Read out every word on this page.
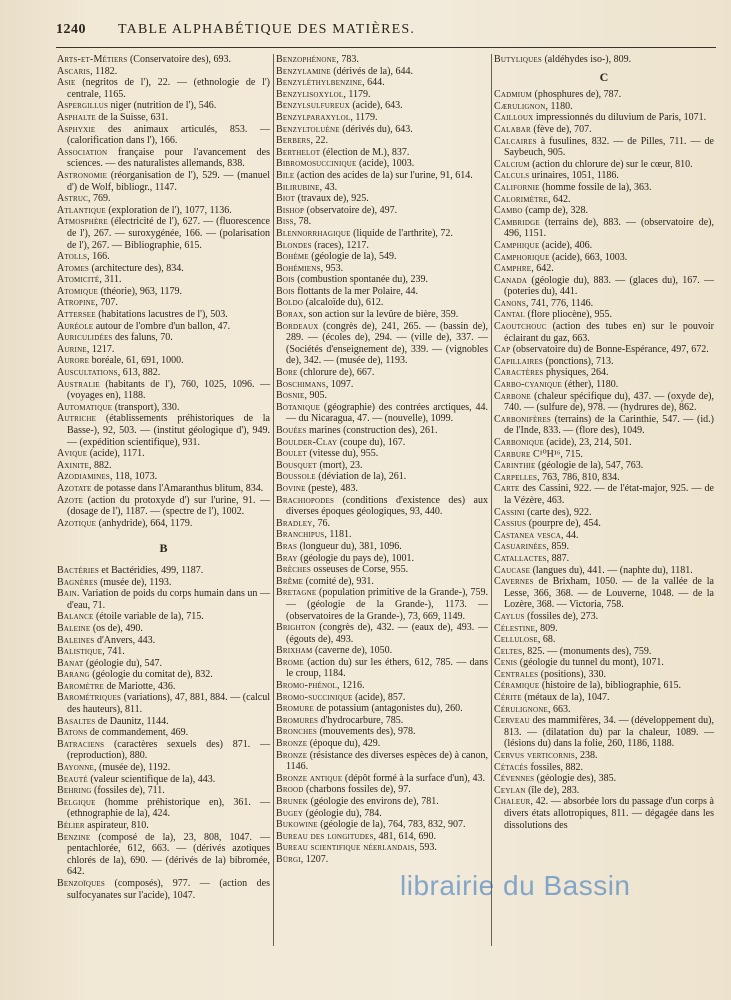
1240 TABLE ALPHABÉTIQUE DES MATIÈRES.

Arts-et-Métiers (Conservatoire des), 693.

Ascaris, 1182.

Asie (negritos de l'), 22. — (ethnologie de l') centrale, 1165.

Aspergillus niger (nutrition de l'), 546.

Asphalte de la Suisse, 631.

Asphyxie des animaux articulés, 853. — (calorification dans l'), 166.

Association française pour l'avancement des sciences. — des naturalistes allemands, 838.

Astronomie (réorganisation de l'), 529. — (manuel d') de Wolf, bibliogr., 1147.

Astruc, 769.

Atlantique (exploration de l'), 1077, 1136.

Atmosphère (électricité de l'), 627. — (fluorescence de l'), 267. — suroxygénée, 166. — (polarisation de l'), 267. — Bibliographie, 615.

Atolls, 166.

Atomes (architecture des), 834.

Atomicité, 311.

Atomique (théorie), 963, 1179.

Atropine, 707.

Attersee (habitations lacustres de l'), 503.

Auréole autour de l'ombre d'un ballon, 47.

Auriculidées des faluns, 70.

Aurine, 1217.

Aurore boréale, 61, 691, 1000.

Auscultations, 613, 882.

Australie (habitants de l'), 760, 1025, 1096. — (voyages en), 1188.

Automatique (transport), 330.

Autriche (établissements préhistoriques de la Basse-), 92, 503. — (institut géologique d'), 949. — (expédition scientifique), 931.

Avique (acide), 1171.

Axinite, 882.

Azodiamines, 118, 1073.

Azotate de potasse dans l'Amaranthus blitum, 834.

Azote (action du protoxyde d') sur l'urine, 91. — (dosage de l'), 1187. — (spectre de l'), 1002.

Azotique (anhydride), 664, 1179.

B

Bactéries et Bactéridies, 499, 1187.

Bagnères (musée de), 1193.

Bain. Variation de poids du corps humain dans un — d'eau, 71.

Balance (étoile variable de la), 715.

Baleine (os de), 490.

Baleines d'Anvers, 443.

Balistique, 741.

Banat (géologie du), 547.

Barang (géologie du comitat de), 832.

Baromètre de Mariotte, 436.

Barométriques (variations), 47, 881, 884. — (calcul des hauteurs), 811.

Basaltes de Daunitz, 1144.

Batons de commandement, 469.

Batraciens (caractères sexuels des) 871. — (reproduction), 880.

Bayonne, (musée de), 1192.

Beauté (valeur scientifique de la), 443.

Behring (fossiles de), 711.

Belgique (homme préhistorique en), 361. — (ethnographie de la), 424.

Bélier aspirateur, 810.

Benzine (composé de la), 23, 808, 1047. — pentachlorée, 612, 663. — (dérivés azotiques chlorés de la), 690. — (dérivés de la) bibromée, 642.

Benzoïques (composés), 977. — (action des sulfocyanates sur l'acide), 1047.

Benzophénone, 783.

Benzylamine (dérivés de la), 644.

Benzyléthylbenzine, 644.

Benzylisoxylol, 1179.

Benzylsulfureux (acide), 643.

Benzylparaxylol, 1179.

Benzyltoluène (dérivés du), 643.

Berbers, 22.

Berthelot (élection de M.), 837.

Bibromosuccinique (acide), 1003.

Bile (action des acides de la) sur l'urine, 91, 614.

Bilirubine, 43.

Biot (travaux de), 925.

Bishop (observatoire de), 497.

Biss, 78.

Blennorrhagique (liquide de l'arthrite), 72.

Blondes (races), 1217.

Bohème (géologie de la), 549.

Bohémiens, 953.

Bois (combustion spontanée du), 239.

Bois flottants de la mer Polaire, 44.

Boldo (alcaloïde du), 612.

Borax, son action sur la levûre de bière, 359.

Bordeaux (congrès de), 241, 265. — (bassin de), 289. — (écoles de), 294. — (ville de), 337. — (Sociétés d'enseignement de), 339. — (vignobles de), 342. — (musée de), 1193.

Bore (chlorure de), 667.

Boschimans, 1097.

Bosnie, 905.

Botanique (géographie) des contrées arctiques, 44. — du Nicaragua, 47. — (nouvelle), 1099.

Bouées marines (construction des), 261.

Boulder-Clay (coupe du), 167.

Boulet (vitesse du), 955.

Bousquet (mort), 23.

Boussole (déviation de la), 261.

Bovine (peste), 483.

Brachiopodes (conditions d'existence des) aux diverses époques géologiques, 93, 440.

Bradley, 76.

Branchipus, 1181.

Bras (longueur du), 381, 1096.

Bray (géologie du pays de), 1001.

Brèches osseuses de Corse, 955.

Brême (comité de), 931.

Bretagne (population primitive de la Grande-), 759. — (géologie de la Grande-), 1173. — (observatoires de la Grande-), 73, 669, 1149.

Brighton (congrès de), 432. — (eaux de), 493. — (égouts de), 493.

Brixham (caverne de), 1050.

Brome (action du) sur les éthers, 612, 785. — dans le croup, 1184.

Bromo-phénol, 1216.

Bromo-succinique (acide), 857.

Bromure de potassium (antagonistes du), 260.

Bromures d'hydrocarbure, 785.

Bronches (mouvements des), 978.

Bronze (époque du), 429.

Bronze (résistance des diverses espèces de) à canon, 1146.

Bronze antique (dépôt formé à la surface d'un), 43.

Brood (charbons fossiles de), 97.

Brunek (géologie des environs de), 781.

Bugey (géologie du), 784.

Bukowine (géologie de la), 764, 783, 832, 907.

Bureau des longitudes, 481, 614, 690.

Bureau scientifique néerlandais, 593.

Bürgi, 1207.

Butyliques (aldéhydes iso-), 809.

C

Cadmium (phosphures de), 787.

Cærulignon, 1180.

Cailloux impressionnés du diluvium de Paris, 1071.

Calabar (fève de), 707.

Calcaires à fusulines, 832. — de Pilles, 711. — de Saybeuch, 905.

Calcium (action du chlorure de) sur le cœur, 810.

Calculs urinaires, 1051, 1186.

Californie (homme fossile de la), 363.

Calorimètre, 642.

Cambo (camp de), 328.

Cambridge (terrains de), 883. — (observatoire de), 496, 1151.

Camphique (acide), 406.

Camphorique (acide), 663, 1003.

Camphre, 642.

Canada (géologie du), 883. — (glaces du), 167. — (poteries du), 441.

Canons, 741, 776, 1146.

Cantal (flore pliocène), 955.

Caoutchouc (action des tubes en) sur le pouvoir éclairant du gaz, 663.

Cap (observatoire du) de Bonne-Espérance, 497, 672.

Capillaires (ponctions), 713.

Caractères physiques, 264.

Carbo-cyanique (éther), 1180.

Carbone (chaleur spécifique du), 437. — (oxyde de), 740. — (sulfure de), 978. — (hydrures de), 862.

Carbonifères (terrains) de la Carinthie, 547. — (id.) de l'Inde, 833. — (flore des), 1049.

Carbonique (acide), 23, 214, 501.

Carbure C¹⁰H¹⁶, 715.

Carinthie (géologie de la), 547, 763.

Carpelles, 763, 786, 810, 834.

Carte des Cassini, 922. — de l'état-major, 925. — de la Vézère, 463.

Cassini (carte des), 922.

Cassius (pourpre de), 454.

Castanea vesca, 44.

Casuarinées, 859.

Catallactes, 887.

Caucase (langues du), 441. — (naphte du), 1181.

Cavernes de Brixham, 1050. — de la vallée de la Lesse, 366, 368. — de Louverne, 1048. — de la Lozère, 368. — Victoria, 758.

Caylus (fossiles de), 273.

Célestine, 809.

Cellulose, 68.

Celtes, 825. — (monuments des), 759.

Cenis (géologie du tunnel du mont), 1071.

Centrales (positions), 330.

Céramique (histoire de la), bibliographie, 615.

Cérite (métaux de la), 1047.

Cérulignone, 663.

Cerveau des mammifères, 34. — (développement du), 813. — (dilatation du) par la chaleur, 1089. — (lésions du) dans la folie, 260, 1186, 1188.

Cervus verticornis, 238.

Cétacés fossiles, 882.

Cévennes (géologie des), 385.

Ceylan (île de), 283.

Chaleur, 42. — absorbée lors du passage d'un corps à divers états allotropiques, 811. — dégagée dans les dissolutions des

librairie du Bassin
